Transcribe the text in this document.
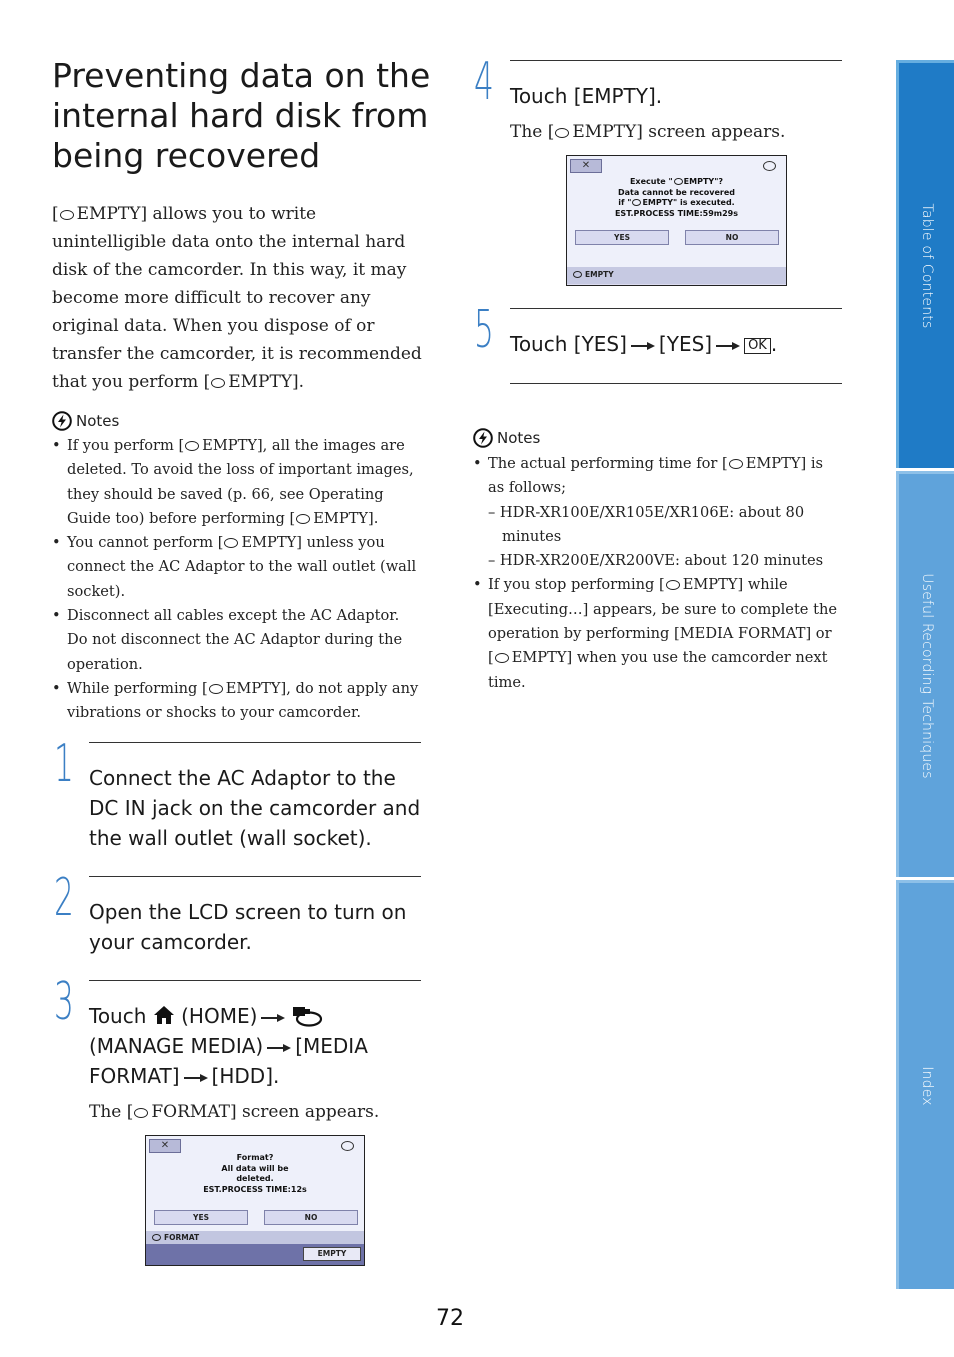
Preventing data on the
internal hard disk from
being recovered

[ EMPTY] allows you to write unintelligible data onto the internal hard disk of the camcorder. In this way, it may become more difficult to recover any original data. When you dispose of or transfer the camcorder, it is recommended that you perform [ EMPTY].

Notes
• If you perform [ EMPTY], all the images are deleted. To avoid the loss of important images, they should be saved (p. 66, see Operating Guide too) before performing [ EMPTY].
• You cannot perform [ EMPTY] unless you connect the AC Adaptor to the wall outlet (wall socket).
• Disconnect all cables except the AC Adaptor. Do not disconnect the AC Adaptor during the operation.
• While performing [ EMPTY], do not apply any vibrations or shocks to your camcorder.
1 Connect the AC Adaptor to the DC IN jack on the camcorder and the wall outlet (wall socket).

2 Open the LCD screen to turn on your camcorder.

3 Touch (HOME)
(MANAGE MEDIA) [MEDIA FORMAT] [HDD].

The [ FORMAT] screen appears.

✕
Format?
All data will be
deleted.
EST.PROCESS TIME:12s
YES	NO
FORMAT
EMPTY
4 Touch [EMPTY].

The [ EMPTY] screen appears.

✕
Execute " EMPTY"?
Data cannot be recovered
if " EMPTY" is executed.
EST.PROCESS TIME:59m29s
YES	NO
EMPTY
5 Touch [YES] [YES]	OK .

Notes
• The actual performing time for [ EMPTY] is as follows;
– HDR-XR100E/XR105E/XR106E: about 80 minutes
– HDR-XR200E/XR200VE: about 120 minutes
• If you stop performing [ EMPTY] while [Executing…] appears, be sure to complete the operation by performing [MEDIA FORMAT] or [ EMPTY] when you use the camcorder next time.
72
Table of Contents
Useful Recording Techniques
Index
